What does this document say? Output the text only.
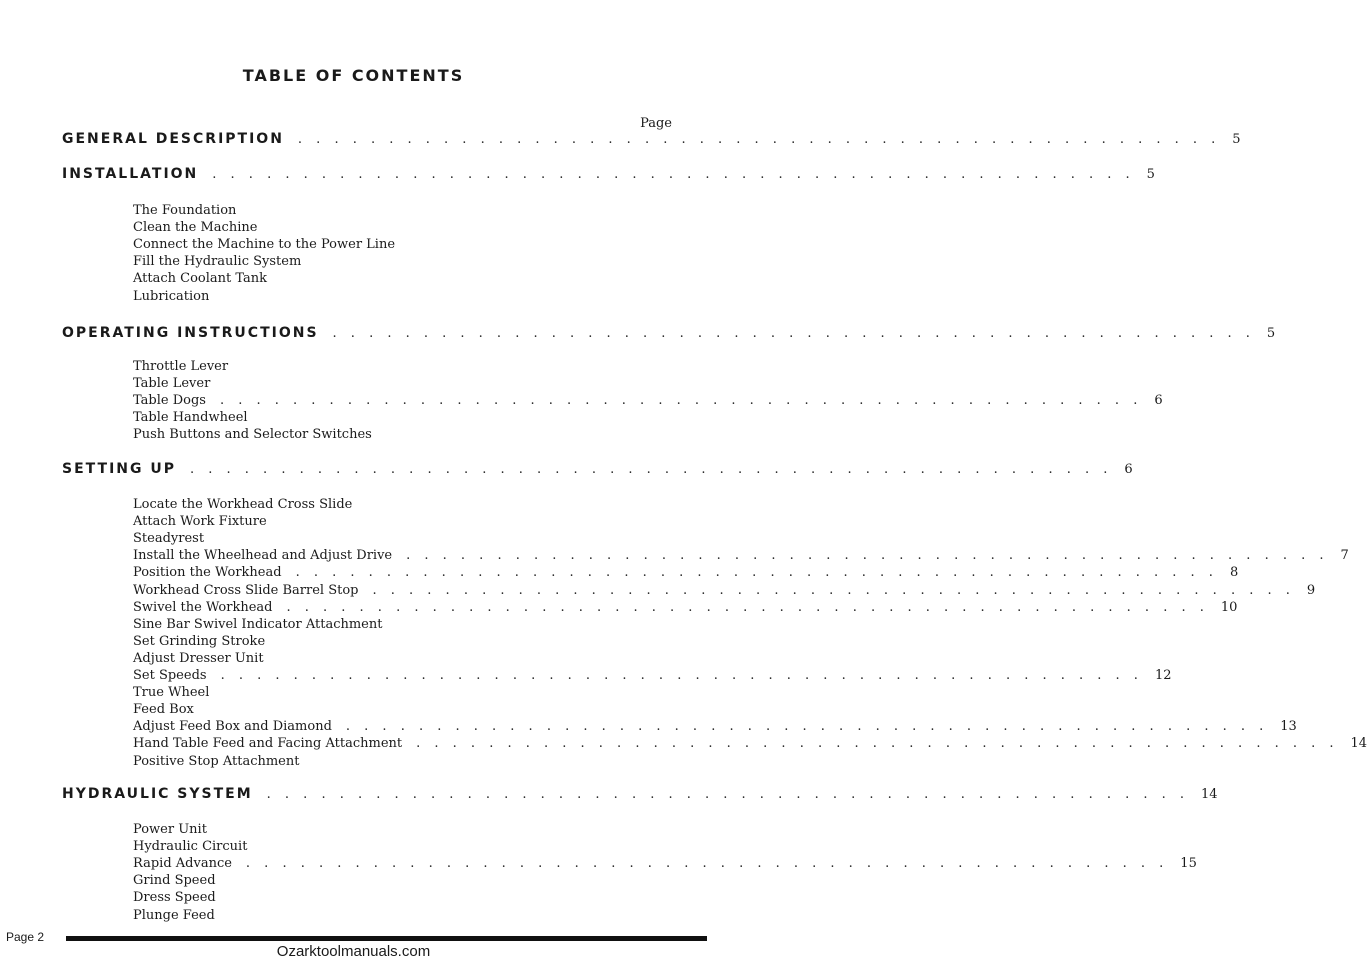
TABLE OF CONTENTS
Page
GENERAL DESCRIPTION . . . . . . . . . . . . . . . . . . . . . . . . . . . . . . . . . . . . . . . . . . . . . . . . . . . 5
INSTALLATION . . . . . . . . . . . . . . . . . . . . . . . . . . . . . . . . . . . . . . . . . . . . . . . . . . . 5
The Foundation
Clean the Machine
Connect the Machine to the Power Line
Fill the Hydraulic System
Attach Coolant Tank
Lubrication
OPERATING INSTRUCTIONS . . . . . . . . . . . . . . . . . . . . . . . . . . . . . . . . . . . . . . . . . . . . . . . . . . . 5
Throttle Lever
Table Lever
Table Dogs . . . . . . . . . . . . . . . . . . . . . . . . . . . . . . . . . . . . . . . . . . . . . . . . . . . 6
Table Handwheel
Push Buttons and Selector Switches
SETTING UP . . . . . . . . . . . . . . . . . . . . . . . . . . . . . . . . . . . . . . . . . . . . . . . . . . . 6
Locate the Workhead Cross Slide
Attach Work Fixture
Steadyrest
Install the Wheelhead and Adjust Drive . . . . . . . . . . . . . . . . . . . . . . . . . . . . . . . . . . . . . . . . . . . . . . . . . . . 7
Position the Workhead . . . . . . . . . . . . . . . . . . . . . . . . . . . . . . . . . . . . . . . . . . . . . . . . . . . 8
Workhead Cross Slide Barrel Stop . . . . . . . . . . . . . . . . . . . . . . . . . . . . . . . . . . . . . . . . . . . . . . . . . . . 9
Swivel the Workhead . . . . . . . . . . . . . . . . . . . . . . . . . . . . . . . . . . . . . . . . . . . . . . . . . . . 10
Sine Bar Swivel Indicator Attachment
Set Grinding Stroke
Adjust Dresser Unit
Set Speeds . . . . . . . . . . . . . . . . . . . . . . . . . . . . . . . . . . . . . . . . . . . . . . . . . . . 12
True Wheel
Feed Box
Adjust Feed Box and Diamond . . . . . . . . . . . . . . . . . . . . . . . . . . . . . . . . . . . . . . . . . . . . . . . . . . . 13
Hand Table Feed and Facing Attachment . . . . . . . . . . . . . . . . . . . . . . . . . . . . . . . . . . . . . . . . . . . . . . . . . . . 14
Positive Stop Attachment
HYDRAULIC SYSTEM . . . . . . . . . . . . . . . . . . . . . . . . . . . . . . . . . . . . . . . . . . . . . . . . . . . 14
Power Unit
Hydraulic Circuit
Rapid Advance . . . . . . . . . . . . . . . . . . . . . . . . . . . . . . . . . . . . . . . . . . . . . . . . . . . 15
Grind Speed
Dress Speed
Plunge Feed
Page 2
Ozarktoolmanuals.com
